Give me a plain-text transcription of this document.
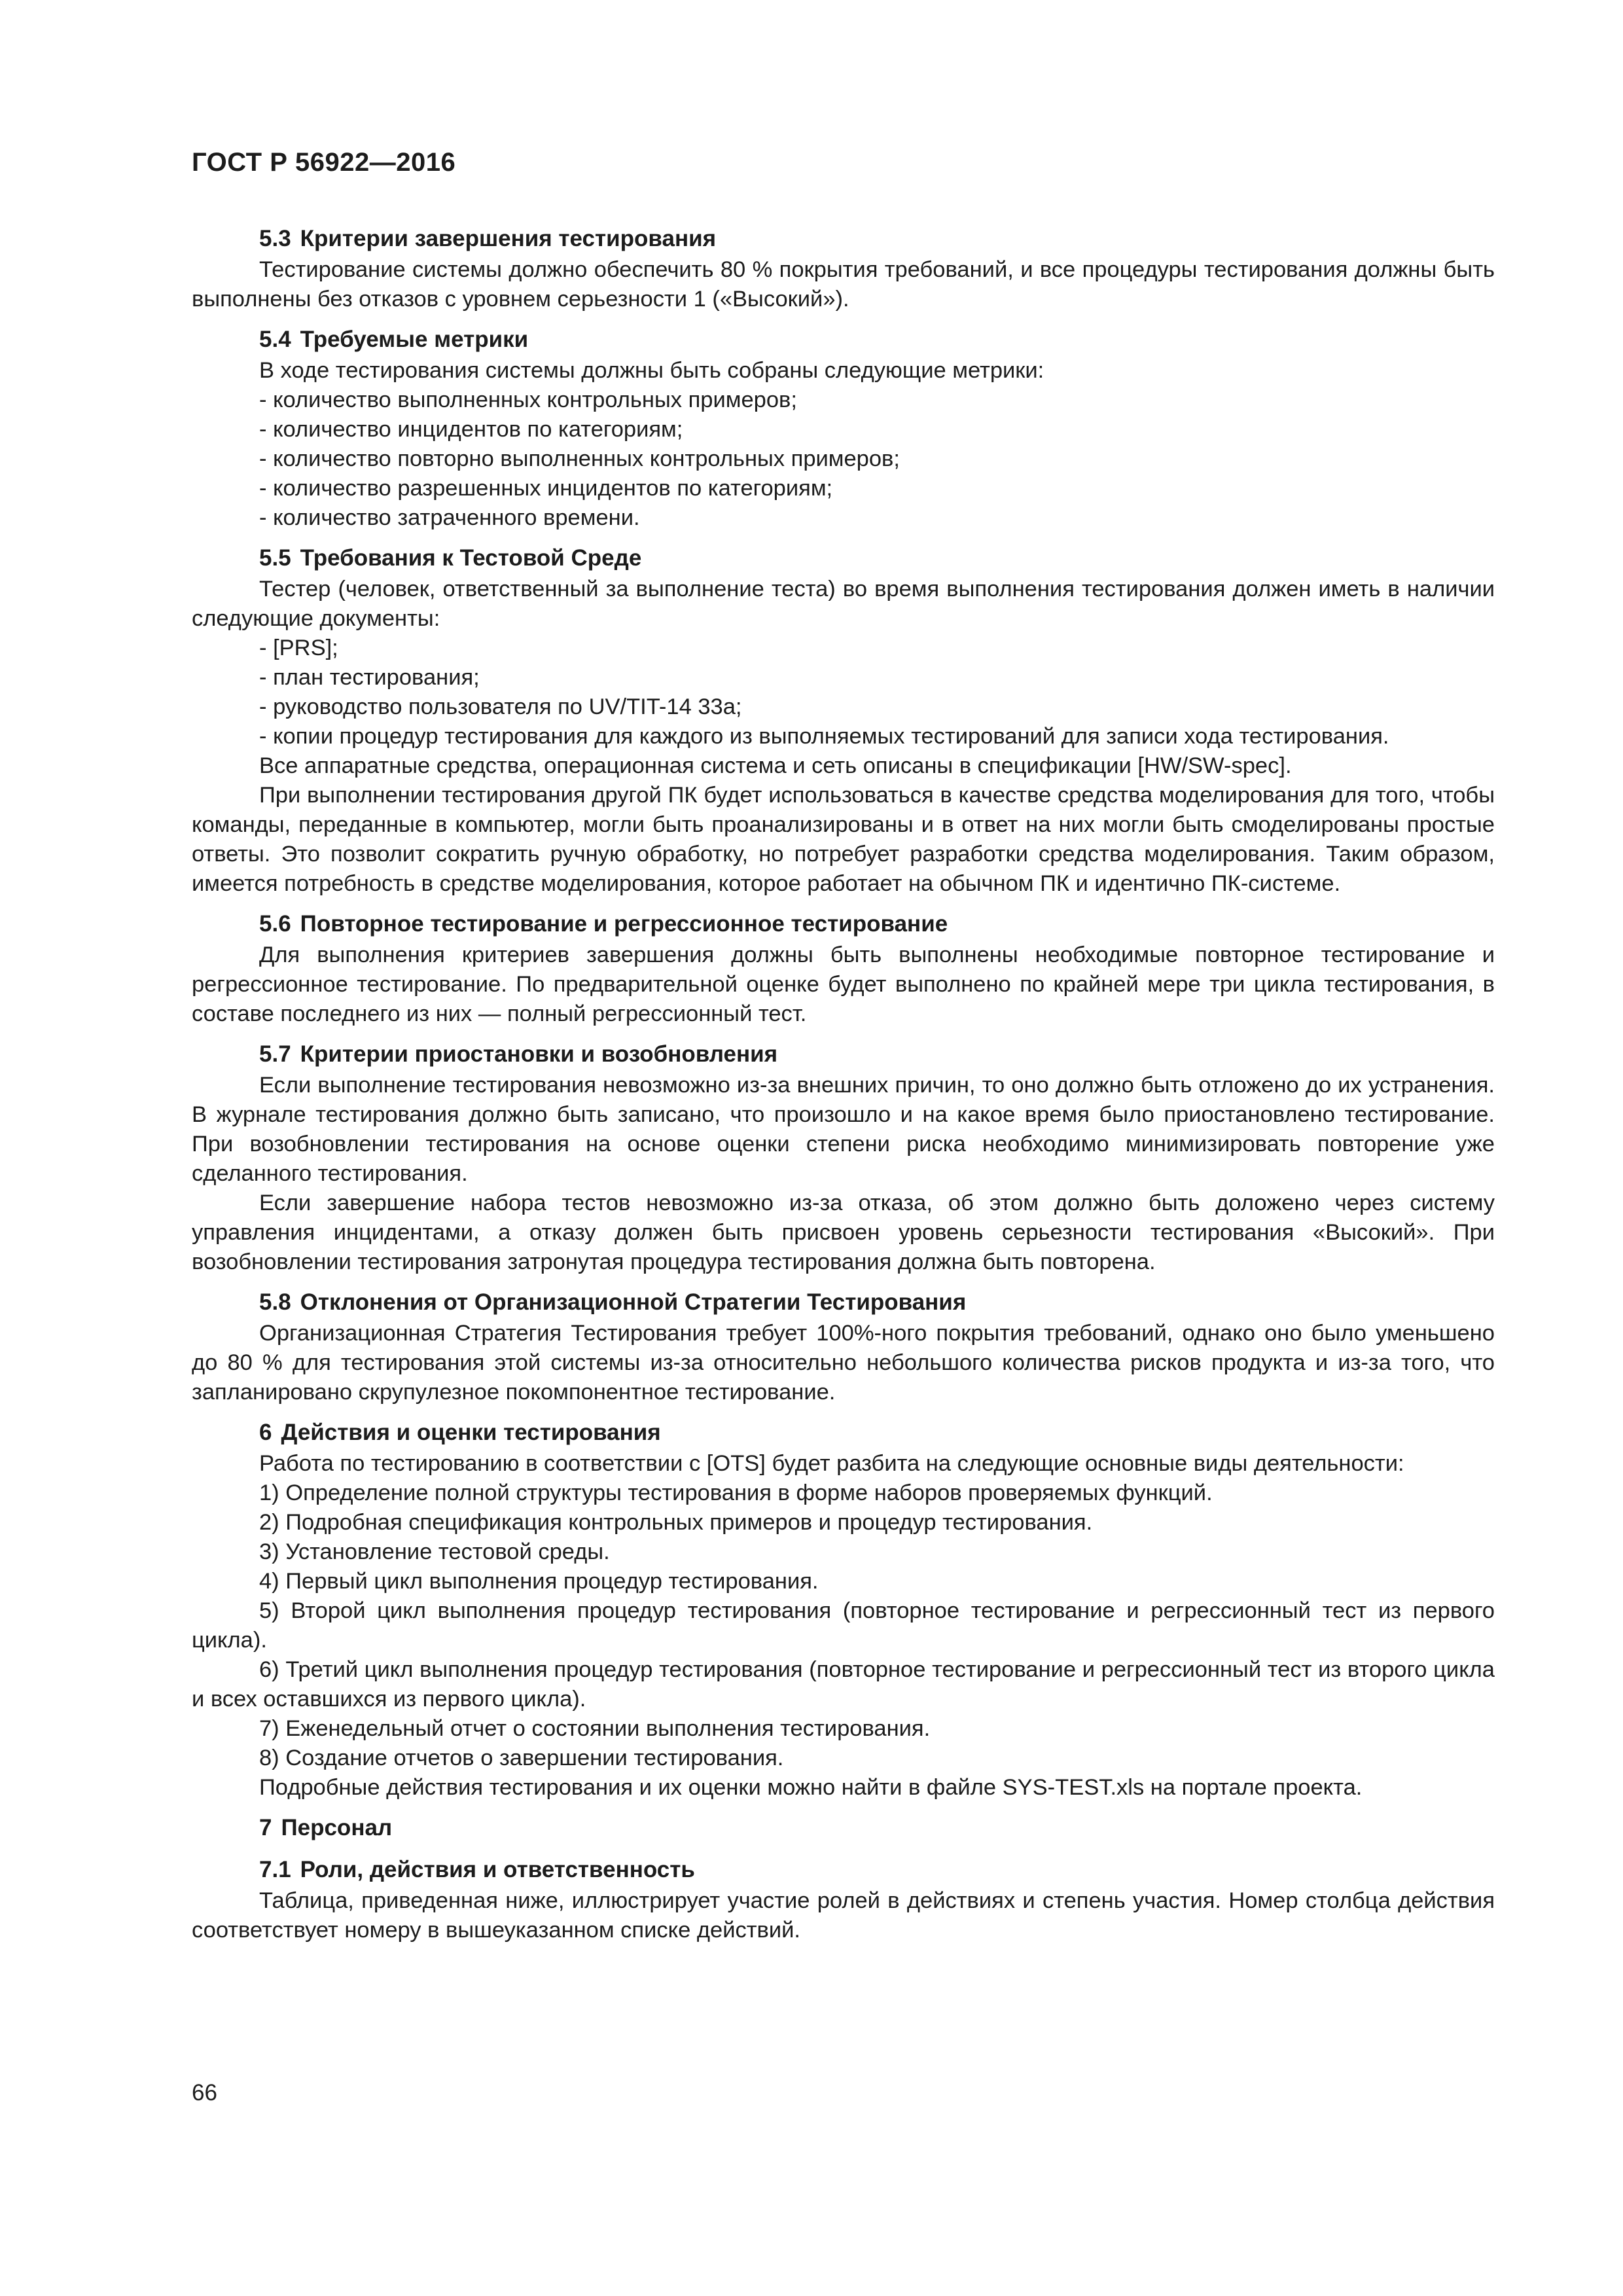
ГОСТ Р 56922—2016
5.3 Критерии завершения тестирования

Тестирование системы должно обеспечить 80 % покрытия требований, и все процедуры тестирования должны быть выполнены без отказов с уровнем серьезности 1 («Высокий»).

5.4 Требуемые метрики

В ходе тестирования системы должны быть собраны следующие метрики:

- количество выполненных контрольных примеров;

- количество инцидентов по категориям;

- количество повторно выполненных контрольных примеров;

- количество разрешенных инцидентов по категориям;

- количество затраченного времени.

5.5 Требования к Тестовой Среде

Тестер (человек, ответственный за выполнение теста) во время выполнения тестирования должен иметь в наличии следующие документы:

- [PRS];

- план тестирования;

- руководство пользователя по UV/TIT-14 33a;

- копии процедур тестирования для каждого из выполняемых тестирований для записи хода тестирования.

Все аппаратные средства, операционная система и сеть описаны в спецификации [HW/SW-spec].

При выполнении тестирования другой ПК будет использоваться в качестве средства моделирования для того, чтобы команды, переданные в компьютер, могли быть проанализированы и в ответ на них могли быть смоделированы простые ответы. Это позволит сократить ручную обработку, но потребует разработки средства моделирования. Таким образом, имеется потребность в средстве моделирования, которое работает на обычном ПК и идентично ПК-системе.

5.6 Повторное тестирование и регрессионное тестирование

Для выполнения критериев завершения должны быть выполнены необходимые повторное тестирование и регрессионное тестирование. По предварительной оценке будет выполнено по крайней мере три цикла тестирования, в составе последнего из них — полный регрессионный тест.

5.7 Критерии приостановки и возобновления

Если выполнение тестирования невозможно из-за внешних причин, то оно должно быть отложено до их устранения. В журнале тестирования должно быть записано, что произошло и на какое время было приостановлено тестирование. При возобновлении тестирования на основе оценки степени риска необходимо минимизировать повторение уже сделанного тестирования.

Если завершение набора тестов невозможно из-за отказа, об этом должно быть доложено через систему управления инцидентами, а отказу должен быть присвоен уровень серьезности тестирования «Высокий». При возобновлении тестирования затронутая процедура тестирования должна быть повторена.

5.8 Отклонения от Организационной Стратегии Тестирования

Организационная Стратегия Тестирования требует 100%-ного покрытия требований, однако оно было уменьшено до 80 % для тестирования этой системы из-за относительно небольшого количества рисков продукта и из-за того, что запланировано скрупулезное покомпонентное тестирование.

6 Действия и оценки тестирования

Работа по тестированию в соответствии с [OTS] будет разбита на следующие основные виды деятельности:

1) Определение полной структуры тестирования в форме наборов проверяемых функций.

2) Подробная спецификация контрольных примеров и процедур тестирования.

3) Установление тестовой среды.

4) Первый цикл выполнения процедур тестирования.

5) Второй цикл выполнения процедур тестирования (повторное тестирование и регрессионный тест из первого цикла).

6) Третий цикл выполнения процедур тестирования (повторное тестирование и регрессионный тест из второго цикла и всех оставшихся из первого цикла).

7) Еженедельный отчет о состоянии выполнения тестирования.

8) Создание отчетов о завершении тестирования.

Подробные действия тестирования и их оценки можно найти в файле SYS-TEST.xls на портале проекта.

7 Персонал
7.1 Роли, действия и ответственность

Таблица, приведенная ниже, иллюстрирует участие ролей в действиях и степень участия. Номер столбца действия соответствует номеру в вышеуказанном списке действий.

66
